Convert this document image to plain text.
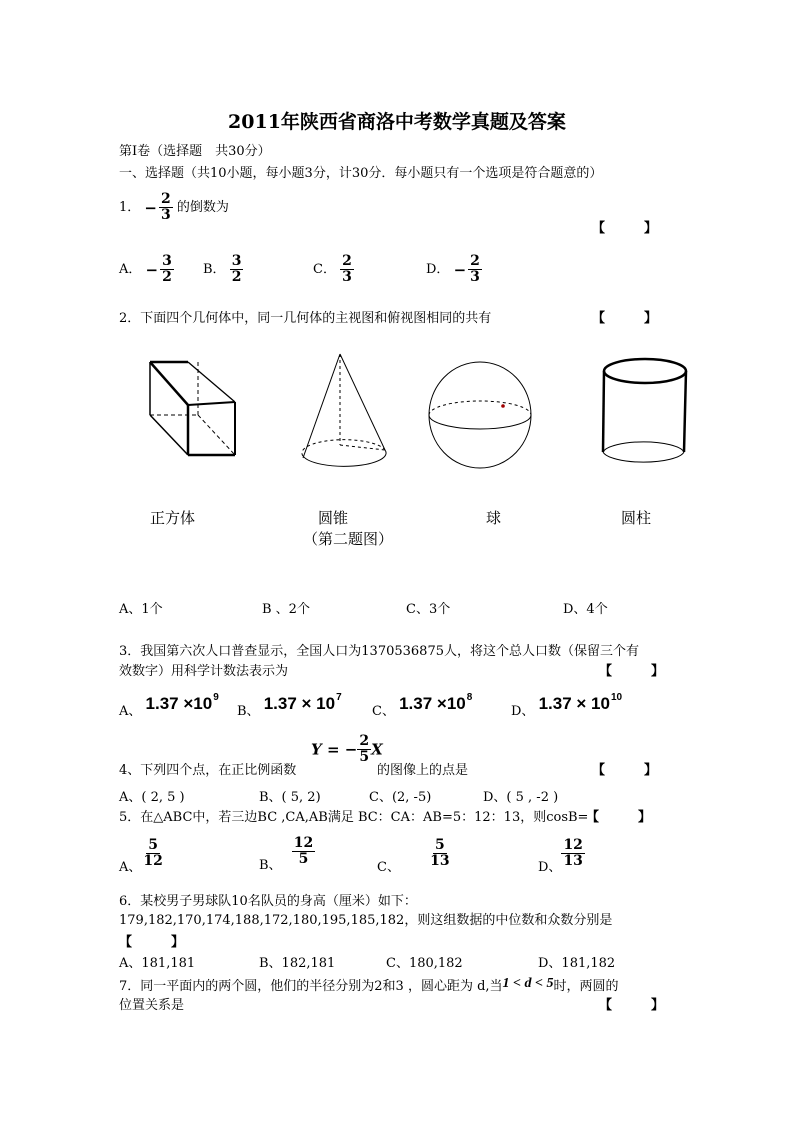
2011年陕西省商洛中考数学真题及答案
第Ⅰ卷（选择题　共30分）
一、选择题（共10小题，每小题3分，计30分．每小题只有一个选项是符合题意的）
1． − $\frac{2}{3}$ 的倒数为
【　　　】
A． − $\frac{3}{2}$ B． $\frac{3}{2}$	C． $\frac{2}{3}$	D． − $\frac{2}{3}$
2．下面四个几何体中，同一几何体的主视图和俯视图相同的共有	【　　　】
正方体	圆锥	球	圆柱
（第二题图）
A、1个	B 、2个	C、3个	D、4个
3．我国第六次人口普查显示，全国人口为1370536875人，将这个总人口数（保留三个有
效数字）用科学计数法表示为	【　　　】
A、 $1.37 \times 10^9$
B、 $1.37 \times 10^7$
C、 $1.37 \times 10^8$
D、 $1.37 \times 10^{10}$
4、下列四个点，在正比例函数
Y = − $\frac{2}{5}$ X
的图像上的点是	【　　　】
A、( 2, 5 )	B、( 5, 2)	C、(2, -5)	D、( 5 , -2 )
5．在△ABC中，若三边BC ,CA,AB满足 BC：CA：AB=5：12：13，则cosB=
【　　　】
A、 $\frac{5}{12}$	B、 $\frac{12}{5}$
C、 $\frac{5}{13}$	D、 $\frac{12}{13}$
6．某校男子男球队10名队员的身高（厘米）如下：
179,182,170,174,188,172,180,195,185,182，则这组数据的中位数和众数分别是
【　　　】
A、181,181	B、182,181	C、180,182	D、181,182
7．同一平面内的两个圆，他们的半径分别为2和3 ，圆心距为 d,当1 < d < 5时，两圆的
位置关系是	【　　　】
